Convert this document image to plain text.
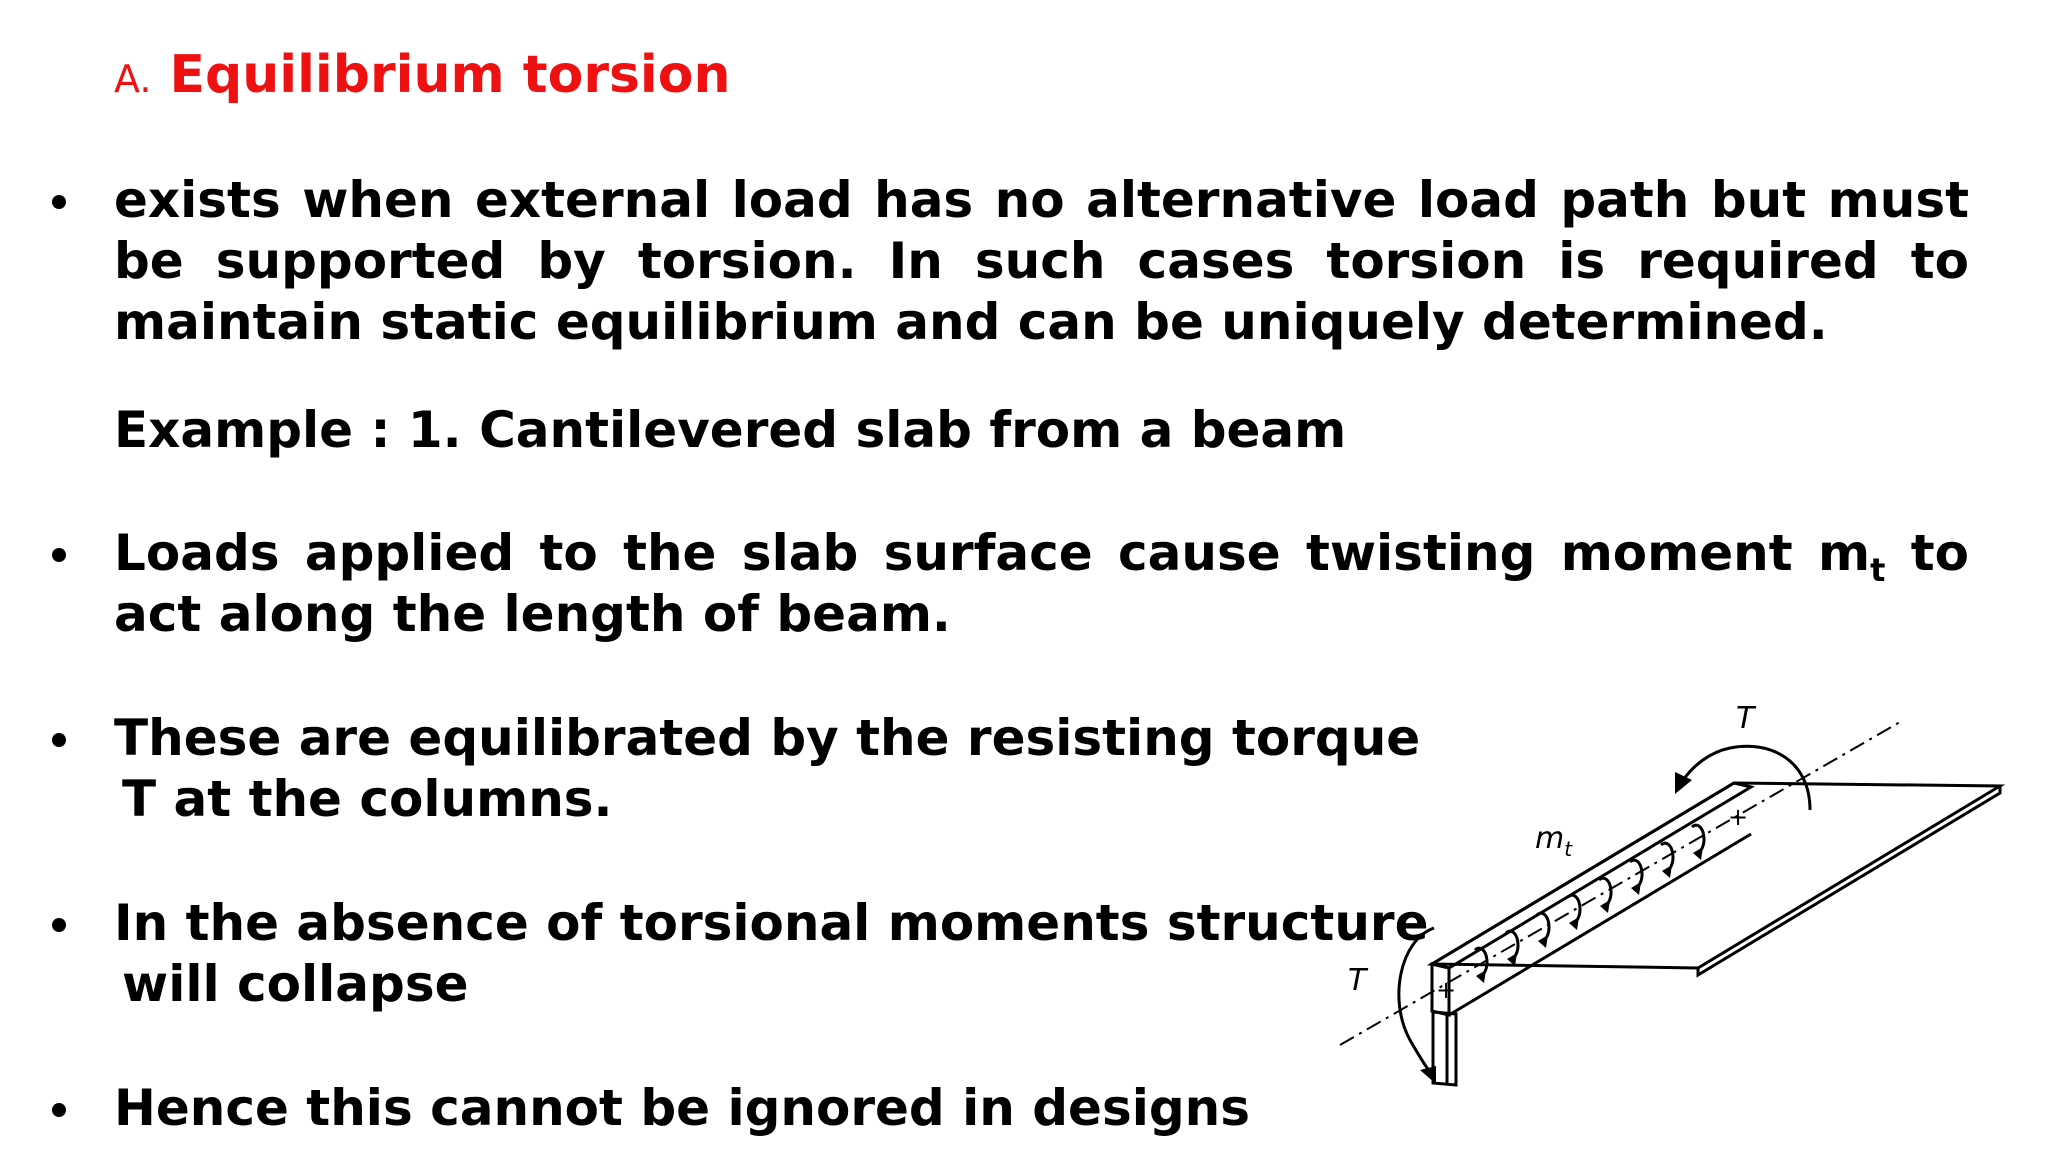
A. Equilibrium torsion
exists when external load has no alternative load path but must be supported by torsion. In such cases torsion is required to maintain static equilibrium and can be uniquely determined.
Example : 1. Cantilevered slab from a beam
Loads applied to the slab surface cause twisting moment $m_t$ to act along the length of beam.
These are equilibrated by the resisting torque
T at the columns.
In the absence of torsional moments structure
will collapse
Hence this cannot be ignored in designs
+
+
T
T
$m_t$
